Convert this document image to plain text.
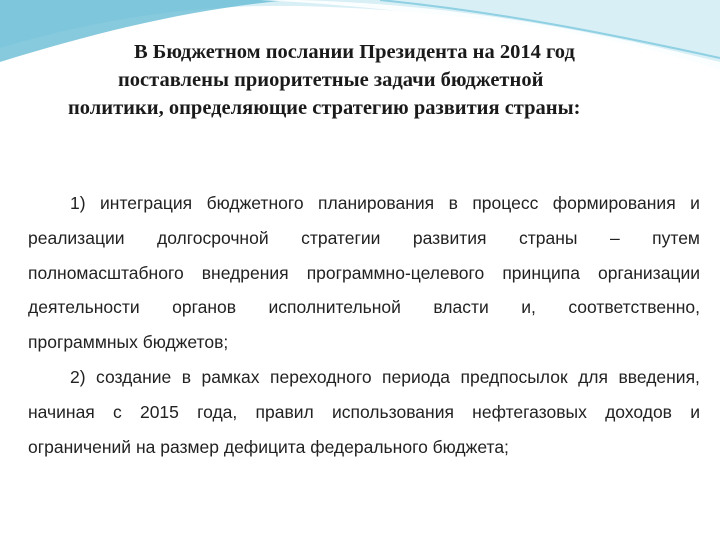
В Бюджетном послании Президента на 2014 год
поставлены приоритетные задачи бюджетной
политики, определяющие стратегию развития страны:
1) интеграция бюджетного планирования в процесс формирования и
реализации долгосрочной стратегии развития страны – путем
полномасштабного внедрения программно-целевого принципа организации
деятельности органов исполнительной власти и, соответственно,
программных бюджетов;
2) создание в рамках переходного периода предпосылок для введения,
начиная с 2015 года, правил использования нефтегазовых доходов и
ограничений на размер дефицита федерального бюджета;
